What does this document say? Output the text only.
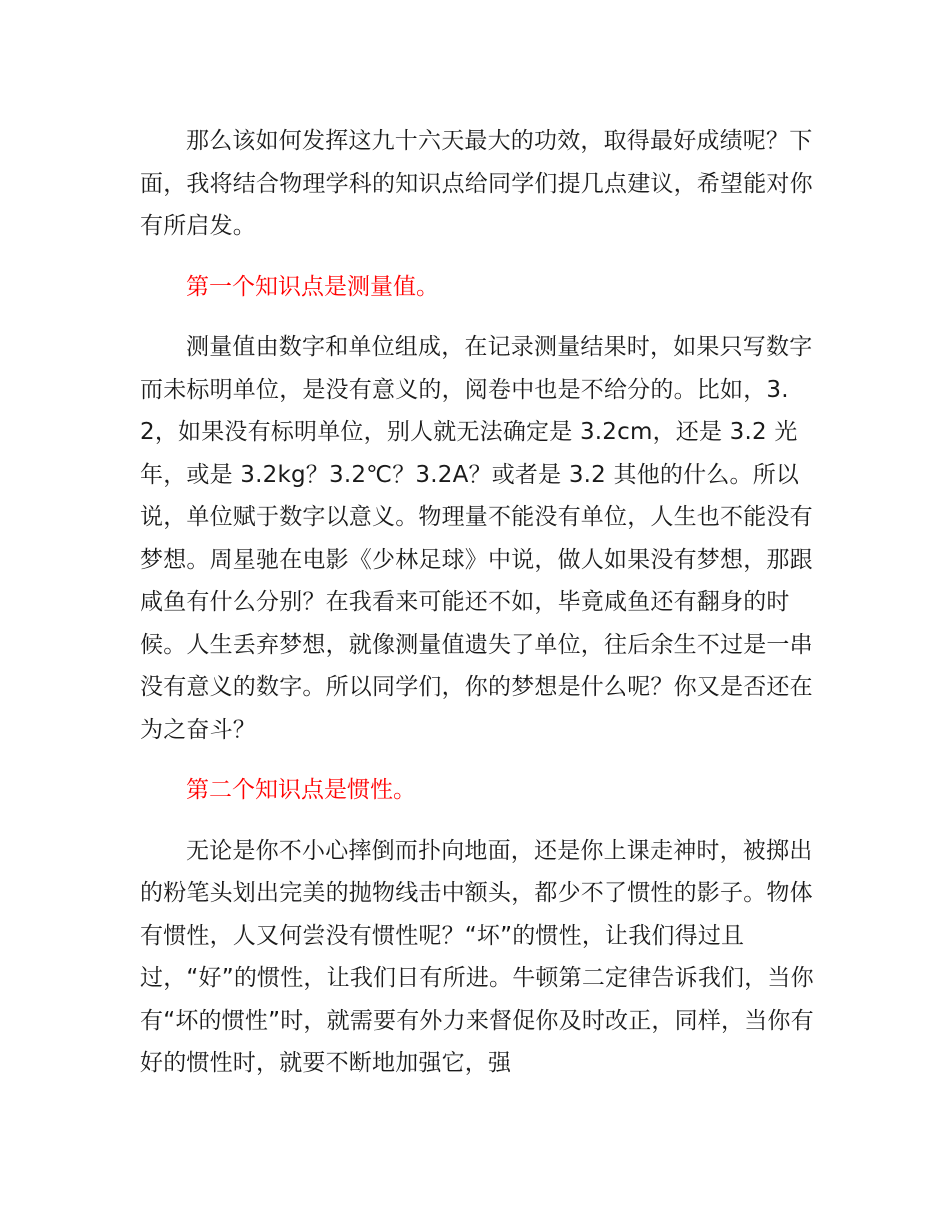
那么该如何发挥这九十六天最大的功效，取得最好成绩呢？下面，我将结合物理学科的知识点给同学们提几点建议，希望能对你有所启发。

第一个知识点是测量值。

测量值由数字和单位组成，在记录测量结果时，如果只写数字而未标明单位，是没有意义的，阅卷中也是不给分的。比如，3.2，如果没有标明单位，别人就无法确定是 3.2cm，还是 3.2 光年，或是 3.2kg？3.2℃？3.2A？或者是 3.2 其他的什么。所以说，单位赋于数字以意义。物理量不能没有单位，人生也不能没有梦想。周星驰在电影《少林足球》中说，做人如果没有梦想，那跟咸鱼有什么分别？在我看来可能还不如，毕竟咸鱼还有翻身的时候。人生丢弃梦想，就像测量值遗失了单位，往后余生不过是一串没有意义的数字。所以同学们，你的梦想是什么呢？你又是否还在为之奋斗？

第二个知识点是惯性。

无论是你不小心摔倒而扑向地面，还是你上课走神时，被掷出的粉笔头划出完美的抛物线击中额头，都少不了惯性的影子。物体有惯性，人又何尝没有惯性呢？“坏”的惯性，让我们得过且过，“好”的惯性，让我们日有所进。牛顿第二定律告诉我们，当你有“坏的惯性”时，就需要有外力来督促你及时改正，同样，当你有好的惯性时，就要不断地加强它，强
